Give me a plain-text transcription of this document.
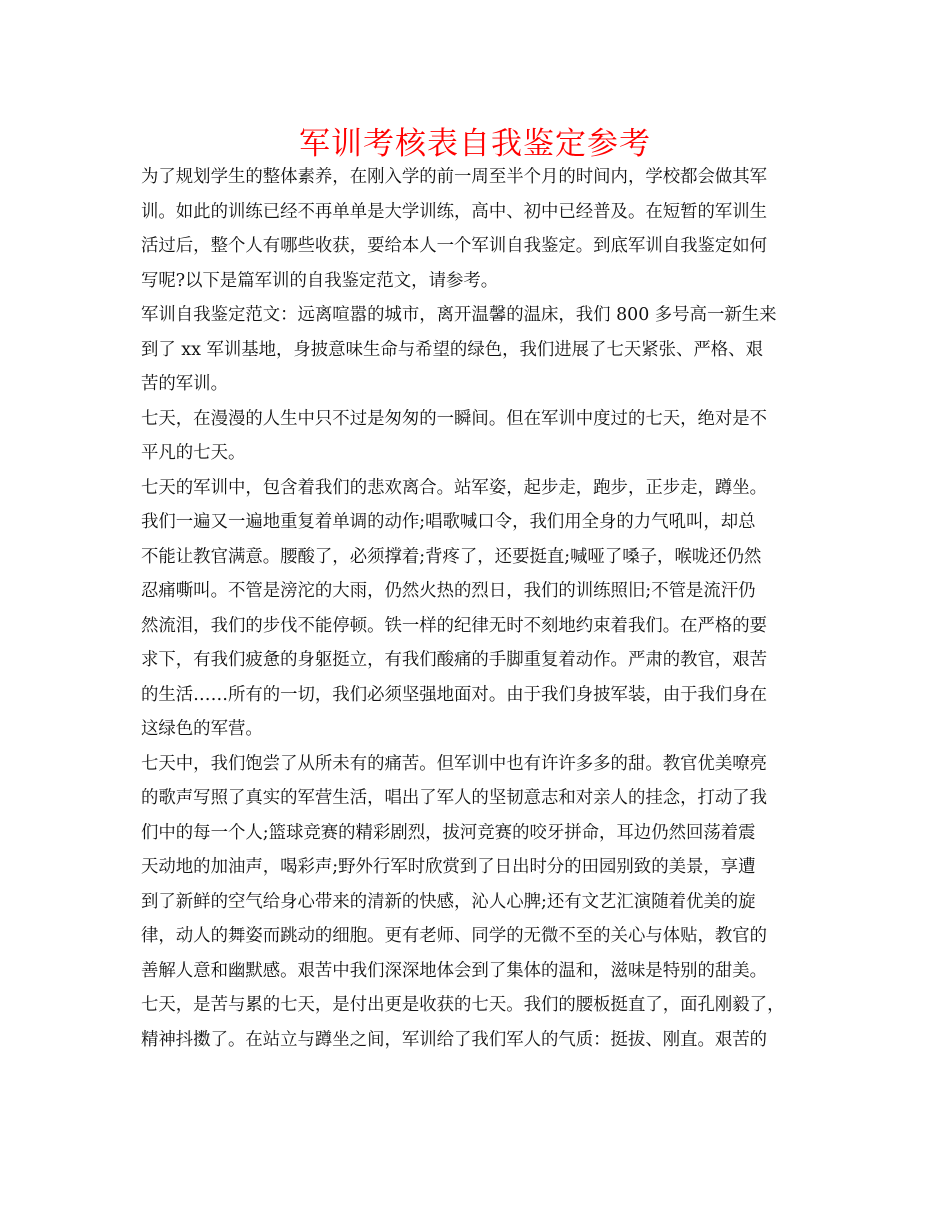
军训考核表自我鉴定参考
为了规划学生的整体素养，在刚入学的前一周至半个月的时间内，学校都会做其军
训。如此的训练已经不再单单是大学训练，高中、初中已经普及。在短暂的军训生
活过后，整个人有哪些收获，要给本人一个军训自我鉴定。到底军训自我鉴定如何
写呢?以下是篇军训的自我鉴定范文，请参考。
军训自我鉴定范文：远离喧嚣的城市，离开温馨的温床，我们 800 多号高一新生来
到了 xx 军训基地，身披意味生命与希望的绿色，我们进展了七天紧张、严格、艰
苦的军训。
七天，在漫漫的人生中只不过是匆匆的一瞬间。但在军训中度过的七天，绝对是不
平凡的七天。
七天的军训中，包含着我们的悲欢离合。站军姿，起步走，跑步，正步走，蹲坐。
我们一遍又一遍地重复着单调的动作;唱歌喊口令，我们用全身的力气吼叫，却总
不能让教官满意。腰酸了，必须撑着;背疼了，还要挺直;喊哑了嗓子，喉咙还仍然
忍痛嘶叫。不管是滂沱的大雨，仍然火热的烈日，我们的训练照旧;不管是流汗仍
然流泪，我们的步伐不能停顿。铁一样的纪律无时不刻地约束着我们。在严格的要
求下，有我们疲惫的身躯挺立，有我们酸痛的手脚重复着动作。严肃的教官，艰苦
的生活……所有的一切，我们必须坚强地面对。由于我们身披军装，由于我们身在
这绿色的军营。
七天中，我们饱尝了从所未有的痛苦。但军训中也有许许多多的甜。教官优美嘹亮
的歌声写照了真实的军营生活，唱出了军人的坚韧意志和对亲人的挂念，打动了我
们中的每一个人;篮球竞赛的精彩剧烈，拔河竞赛的咬牙拼命，耳边仍然回荡着震
天动地的加油声，喝彩声;野外行军时欣赏到了日出时分的田园别致的美景，享遭
到了新鲜的空气给身心带来的清新的快感，沁人心脾;还有文艺汇演随着优美的旋
律，动人的舞姿而跳动的细胞。更有老师、同学的无微不至的关心与体贴，教官的
善解人意和幽默感。艰苦中我们深深地体会到了集体的温和，滋味是特别的甜美。
七天，是苦与累的七天，是付出更是收获的七天。我们的腰板挺直了，面孔刚毅了，
精神抖擞了。在站立与蹲坐之间，军训给了我们军人的气质：挺拔、刚直。艰苦的
